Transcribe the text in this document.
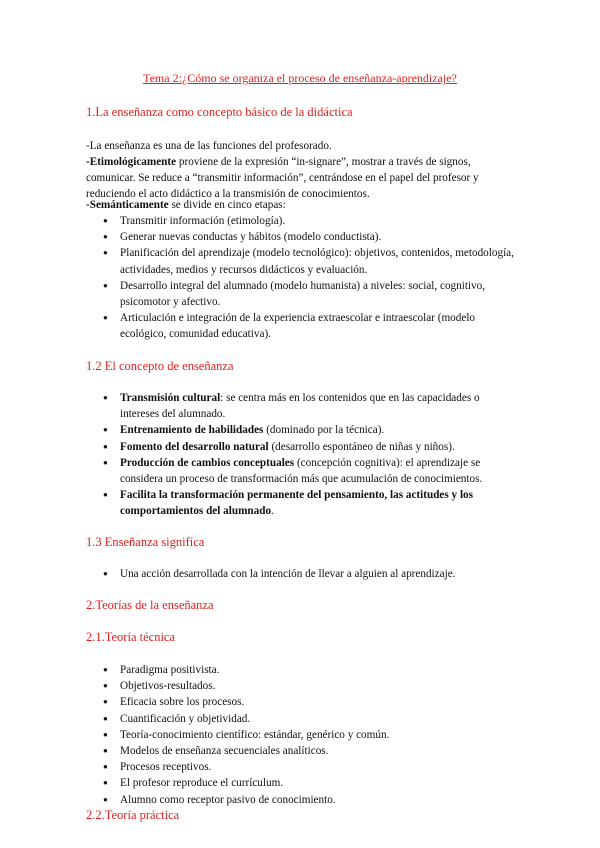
Tema 2:¿Cómo se organiza el proceso de enseñanza-aprendizaje?
1.La enseñanza como concepto básico de la didáctica
-La enseñanza es una de las funciones del profesorado.
-Etimológicamente proviene de la expresión “in-signare”, mostrar a través de signos, comunicar. Se reduce a “transmitir información”, centrándose en el papel del profesor y reduciendo el acto didáctico a la transmisión de conocimientos.
-Semánticamente se divide en cinco etapas:
● Transmitir información (etimología).
● Generar nuevas conductas y hábitos (modelo conductista).
● Planificación del aprendizaje (modelo tecnológico): objetivos, contenidos, metodología, actividades, medios y recursos didácticos y evaluación.
● Desarrollo integral del alumnado (modelo humanista) a niveles: social, cognitivo, psicomotor y afectivo.
● Articulación e integración de la experiencia extraescolar e intraescolar (modelo ecológico, comunidad educativa).
1.2 El concepto de enseñanza
● Transmisión cultural: se centra más en los contenidos que en las capacidades o intereses del alumnado.
● Entrenamiento de habilidades (dominado por la técnica).
● Fomento del desarrollo natural (desarrollo espontáneo de niñas y niños).
● Producción de cambios conceptuales (concepción cognitiva): el aprendizaje se considera un proceso de transformación más que acumulación de conocimientos.
● Facilita la transformación permanente del pensamiento, las actitudes y los comportamientos del alumnado.
1.3 Enseñanza signifíca
● Una acción desarrollada con la intención de llevar a alguien al aprendizaje.
2.Teorías de la enseñanza
2.1.Teoría técnica
● Paradigma positivista.
● Objetivos-resultados.
● Eficacia sobre los procesos.
● Cuantificación y objetividad.
● Teoría-conocimiento científico: estándar, genérico y común.
● Modelos de enseñanza secuenciales analíticos.
● Procesos receptivos.
● El profesor reproduce el currículum.
● Alumno como receptor pasivo de conocimiento.
2.2.Teoría práctica
